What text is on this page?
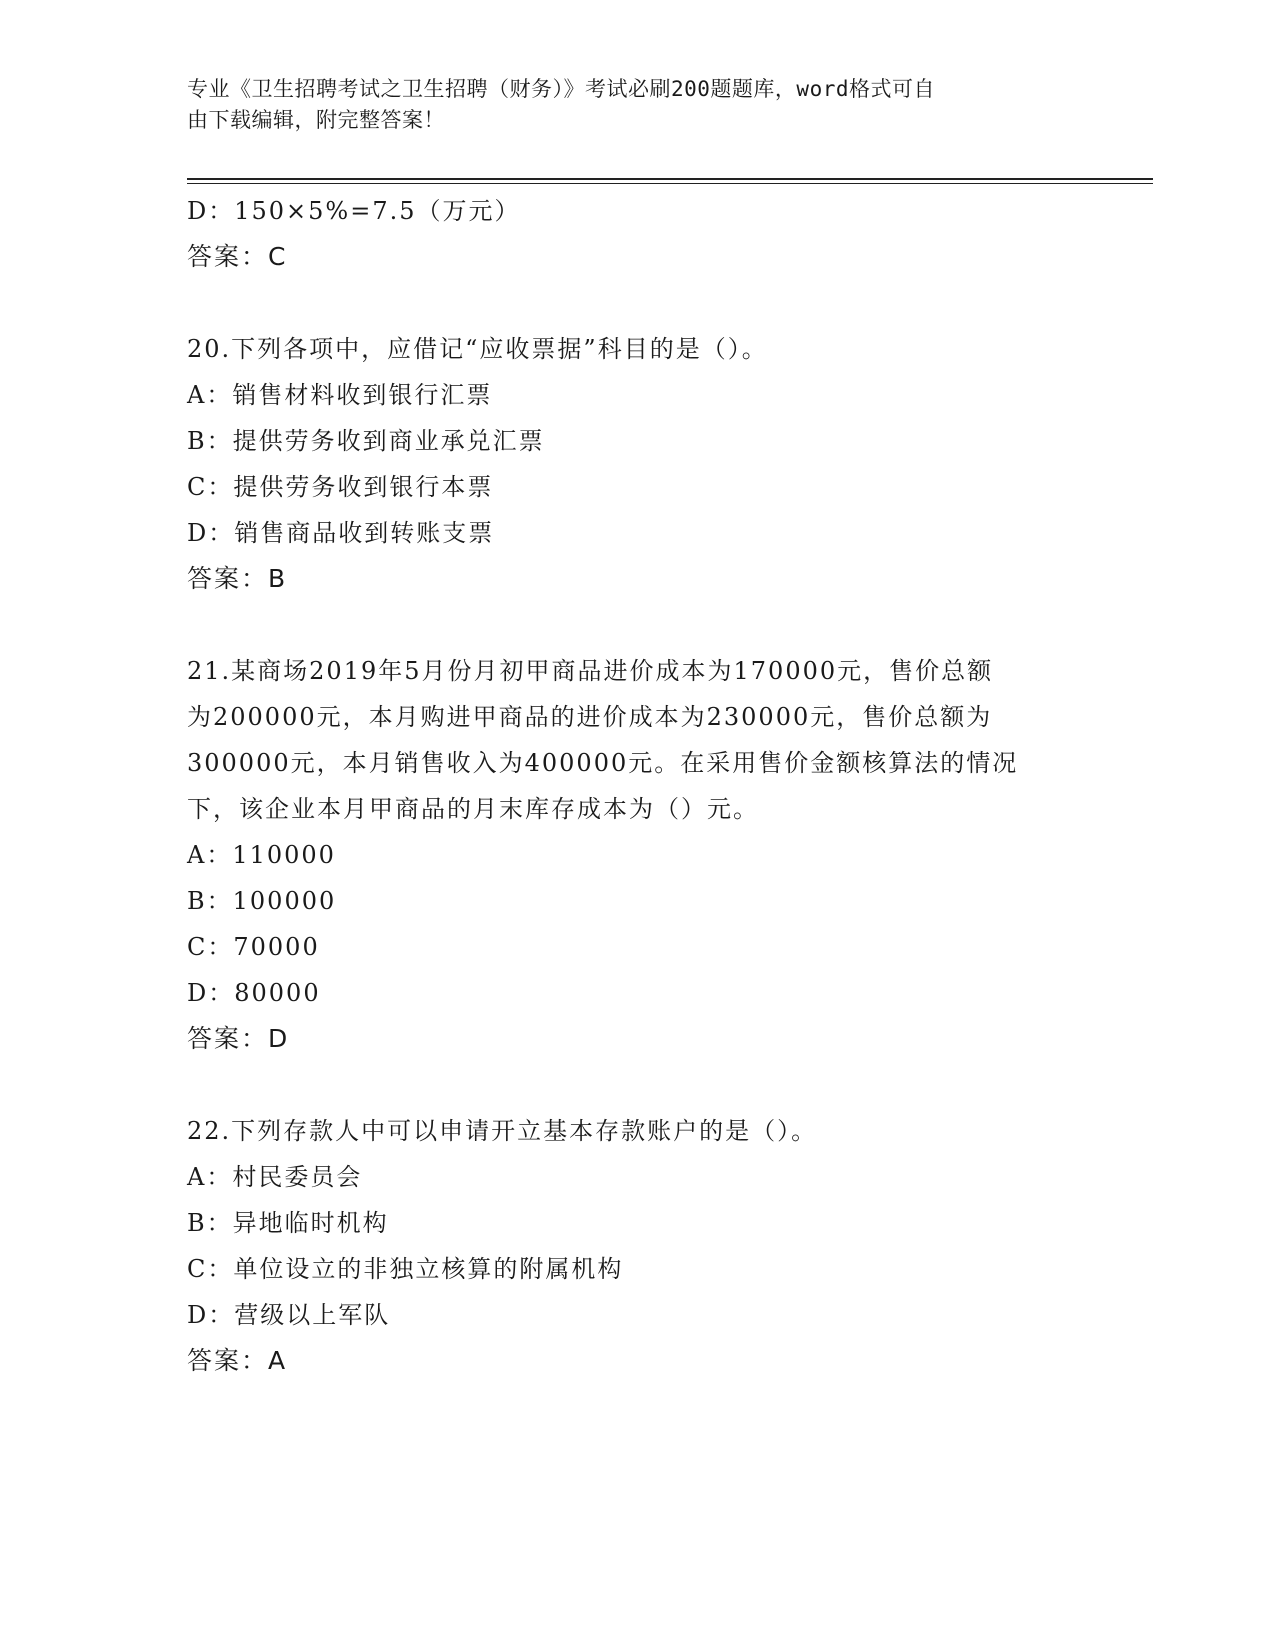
专业《卫生招聘考试之卫生招聘（财务）》考试必刷200题题库，word格式可自
由下载编辑，附完整答案！
D：150×5%=7.5（万元）
答案：C
20.下列各项中，应借记“应收票据”科目的是（）。
A：销售材料收到银行汇票
B：提供劳务收到商业承兑汇票
C：提供劳务收到银行本票
D：销售商品收到转账支票
答案：B
21.某商场2019年5月份月初甲商品进价成本为170000元，售价总额
为200000元，本月购进甲商品的进价成本为230000元，售价总额为
300000元，本月销售收入为400000元。在采用售价金额核算法的情况
下，该企业本月甲商品的月末库存成本为（）元。
A：110000
B：100000
C：70000
D：80000
答案：D
22.下列存款人中可以申请开立基本存款账户的是（）。
A：村民委员会
B：异地临时机构
C：单位设立的非独立核算的附属机构
D：营级以上军队
答案：A
